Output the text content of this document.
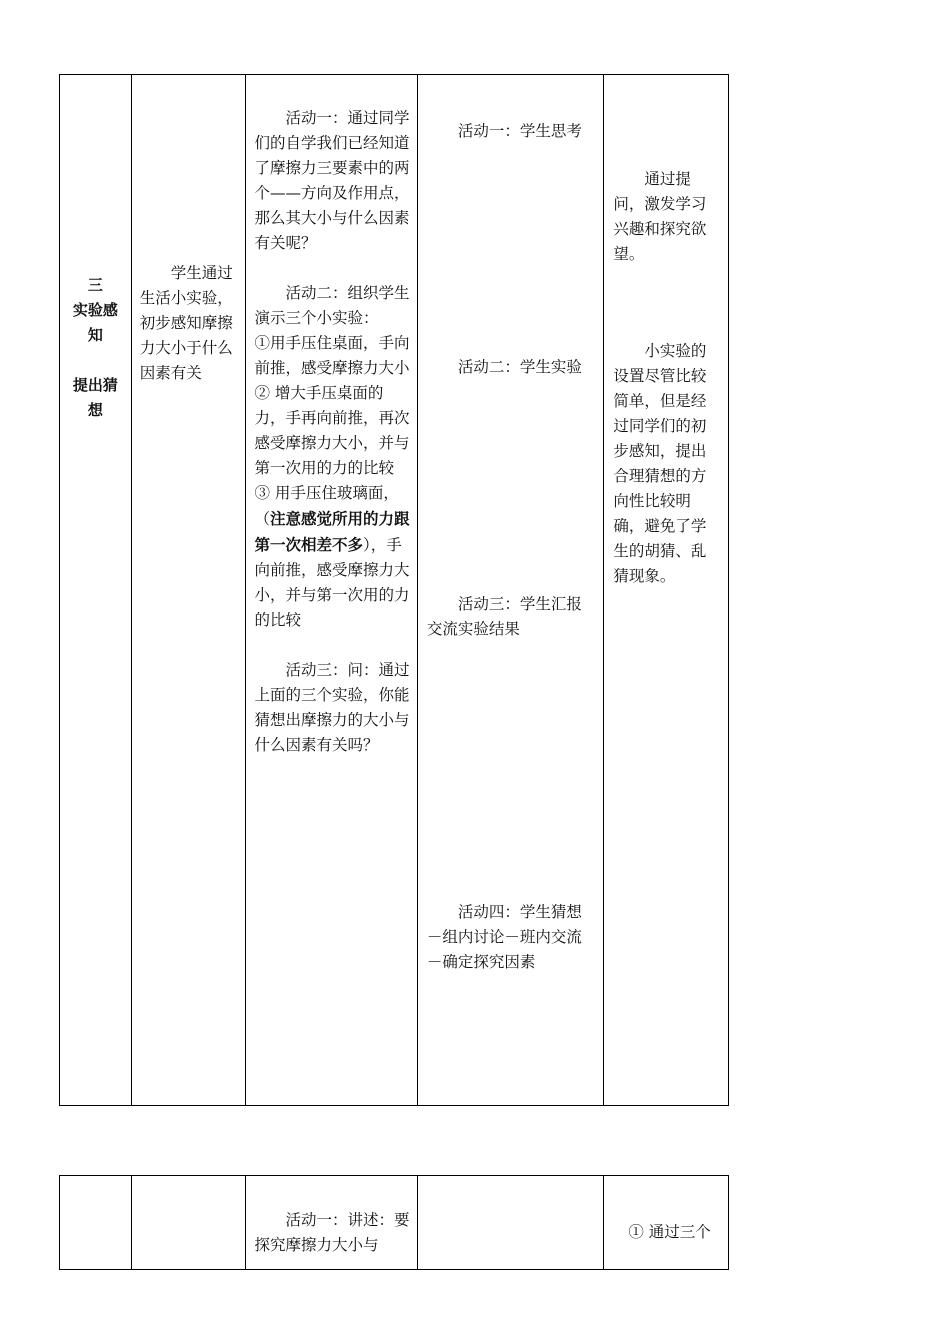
三
实验感
知
提出猜
想

学生通过生活小实验，初步感知摩擦力大小于什么因素有关

活动一：通过同学们的自学我们已经知道了摩擦力三要素中的两个——方向及作用点，那么其大小与什么因素有关呢？

活动二：组织学生演示三个小实验：

①用手压住桌面，手向前推，感受摩擦力大小

② 增大手压桌面的力，手再向前推，再次感受摩擦力大小，并与第一次用的力的比较

③ 用手压住玻璃面，（注意感觉所用的力跟第一次相差不多），手向前推，感受摩擦力大小，并与第一次用的力的比较

活动三：问：通过上面的三个实验，你能猜想出摩擦力的大小与什么因素有关吗？

活动一：学生思考

活动二：学生实验

活动三：学生汇报交流实验结果

活动四：学生猜想－组内讨论－班内交流－确定探究因素

通过提问，激发学习兴趣和探究欲望。

小实验的设置尽管比较简单，但是经过同学们的初步感知，提出合理猜想的方向性比较明确，避免了学生的胡猜、乱猜现象。

活动一：讲述：要探究摩擦力大小与

① 通过三个
